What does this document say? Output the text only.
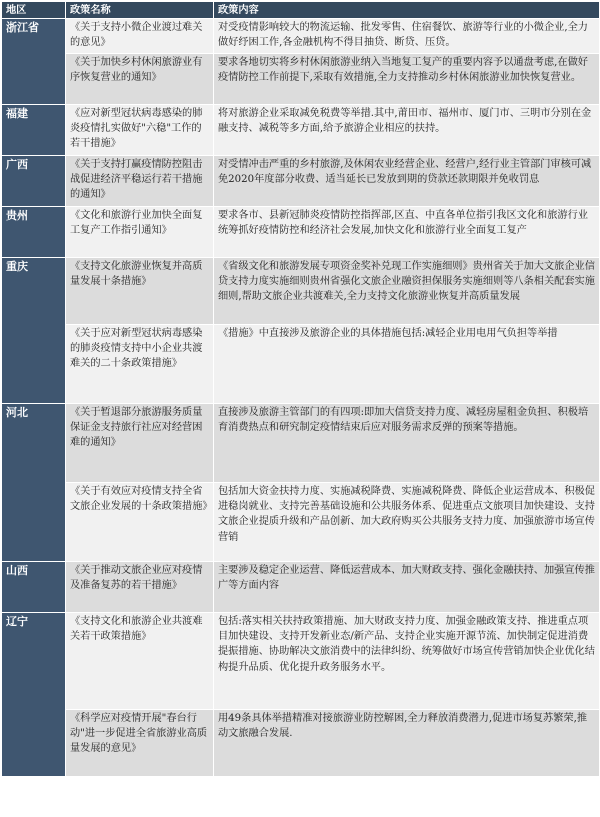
地区	政策名称	政策内容
浙江省	《关于支持小微企业渡过难关的意见》	对受疫情影响较大的物流运输、批发零售、住宿餐饮、旅游等行业的小微企业,全力做好纾困工作,各金融机构不得目抽贷、断贷、压贷。
	《关于加快乡村休闲旅游业有序恢复营业的通知》	要求各地切实将乡村休闲旅游业纳入当地复工复产的重要内容予以通盘考虑,在做好疫情防控工作前提下,采取有效措施,全力支持推动乡村休闲旅游业加快恢复营业。
福建	《应对新型冠状病毒感染的肺炎疫情扎实做好"六稳"工作的若干措施》	将对旅游企业采取减免税费等举措.其中,莆田市、福州市、厦门市、三明市分别在金融支持、减税等多方面,给予旅游企业相应的扶持。
广西	《关于支持打赢疫情防控阻击战促进经济平稳运行若干措施的通知》	对受情冲击严重的乡村旅游,及休闲农业经营企业、经营户,经行业主管部门审核可减免2020年度部分收费、适当延长已发放到期的贷款还款期限并免收罚息
贵州	《文化和旅游行业加快全面复工复产工作指引通知》	要求各市、县新冠肺炎疫情防控指挥部,区直、中直各单位指引我区文化和旅游行业统筹抓好疫情防控和经济社会发展,加快文化和旅游行业全面复工复产
重庆	《支持文化旅游业恢复并高质量发展十条措施》	《省级文化和旅游发展专项资金奖补兑现工作实施细则》贵州省关于加大文旅企业信贷支持力度实施细则贵州省强化文旅企业融资担保服务实施细则等八条相关配套实施细则,帮助文旅企业共渡难关,全力支持文化旅游业恢复并高质量发展
	《关于应对新型冠状病毒感染的肺炎疫情支持中小企业共渡难关的二十条政策措施》	《措施》中直接涉及旅游企业的具体措施包括:减轻企业用电用气负担等举措
河北	《关于暂退部分旅游服务质量保证金支持旅行社应对经营困难的通知》	直接涉及旅游主管部门的有四项:即加大信贷支持力度、减轻房屋租金负担、积极培育消费热点和研究制定疫情结束后应对服务需求反弹的预案等措施。
	《关于有效应对疫情支持全省文旅企业发展的十条政策措施》	包括加大资金扶持力度、实施减税降费、实施减税降费、降低企业运营成本、积极促进稳岗就业、支持完善基础设施和公共服务体系、促进重点文旅项目加快建设、支持文旅企业提质升级和产品创新、加大政府购买公共服务支持力度、加强旅游市场宣传营销
山西	《关于推动文旅企业应对疫情及准备复苏的若干措施》	主要涉及稳定企业运营、降低运营成本、加大财政支持、强化金融扶持、加强宣传推广等方面内容
辽宁	《支持文化和旅游企业共渡难关若干政策措施》	包括:落实相关扶持政策措施、加大财政支持力度、加强金融政策支持、推进重点项目加快建设、支持开发新业态/新产品、支持企业实施开源节流、加快制定促进消费提振措施、协助解决文旅消费中的法律纠纷、统筹做好市场宣传营销加快企业优化结构提升品质、优化提升政务服务水平。
	《科学应对疫情开展"春台行动"进一步促进全省旅游业高质量发展的意见》	用49条具体举措精准对接旅游业防控解困,全力释放消费潜力,促进市场复苏繁荣,推动文旅融合发展.
